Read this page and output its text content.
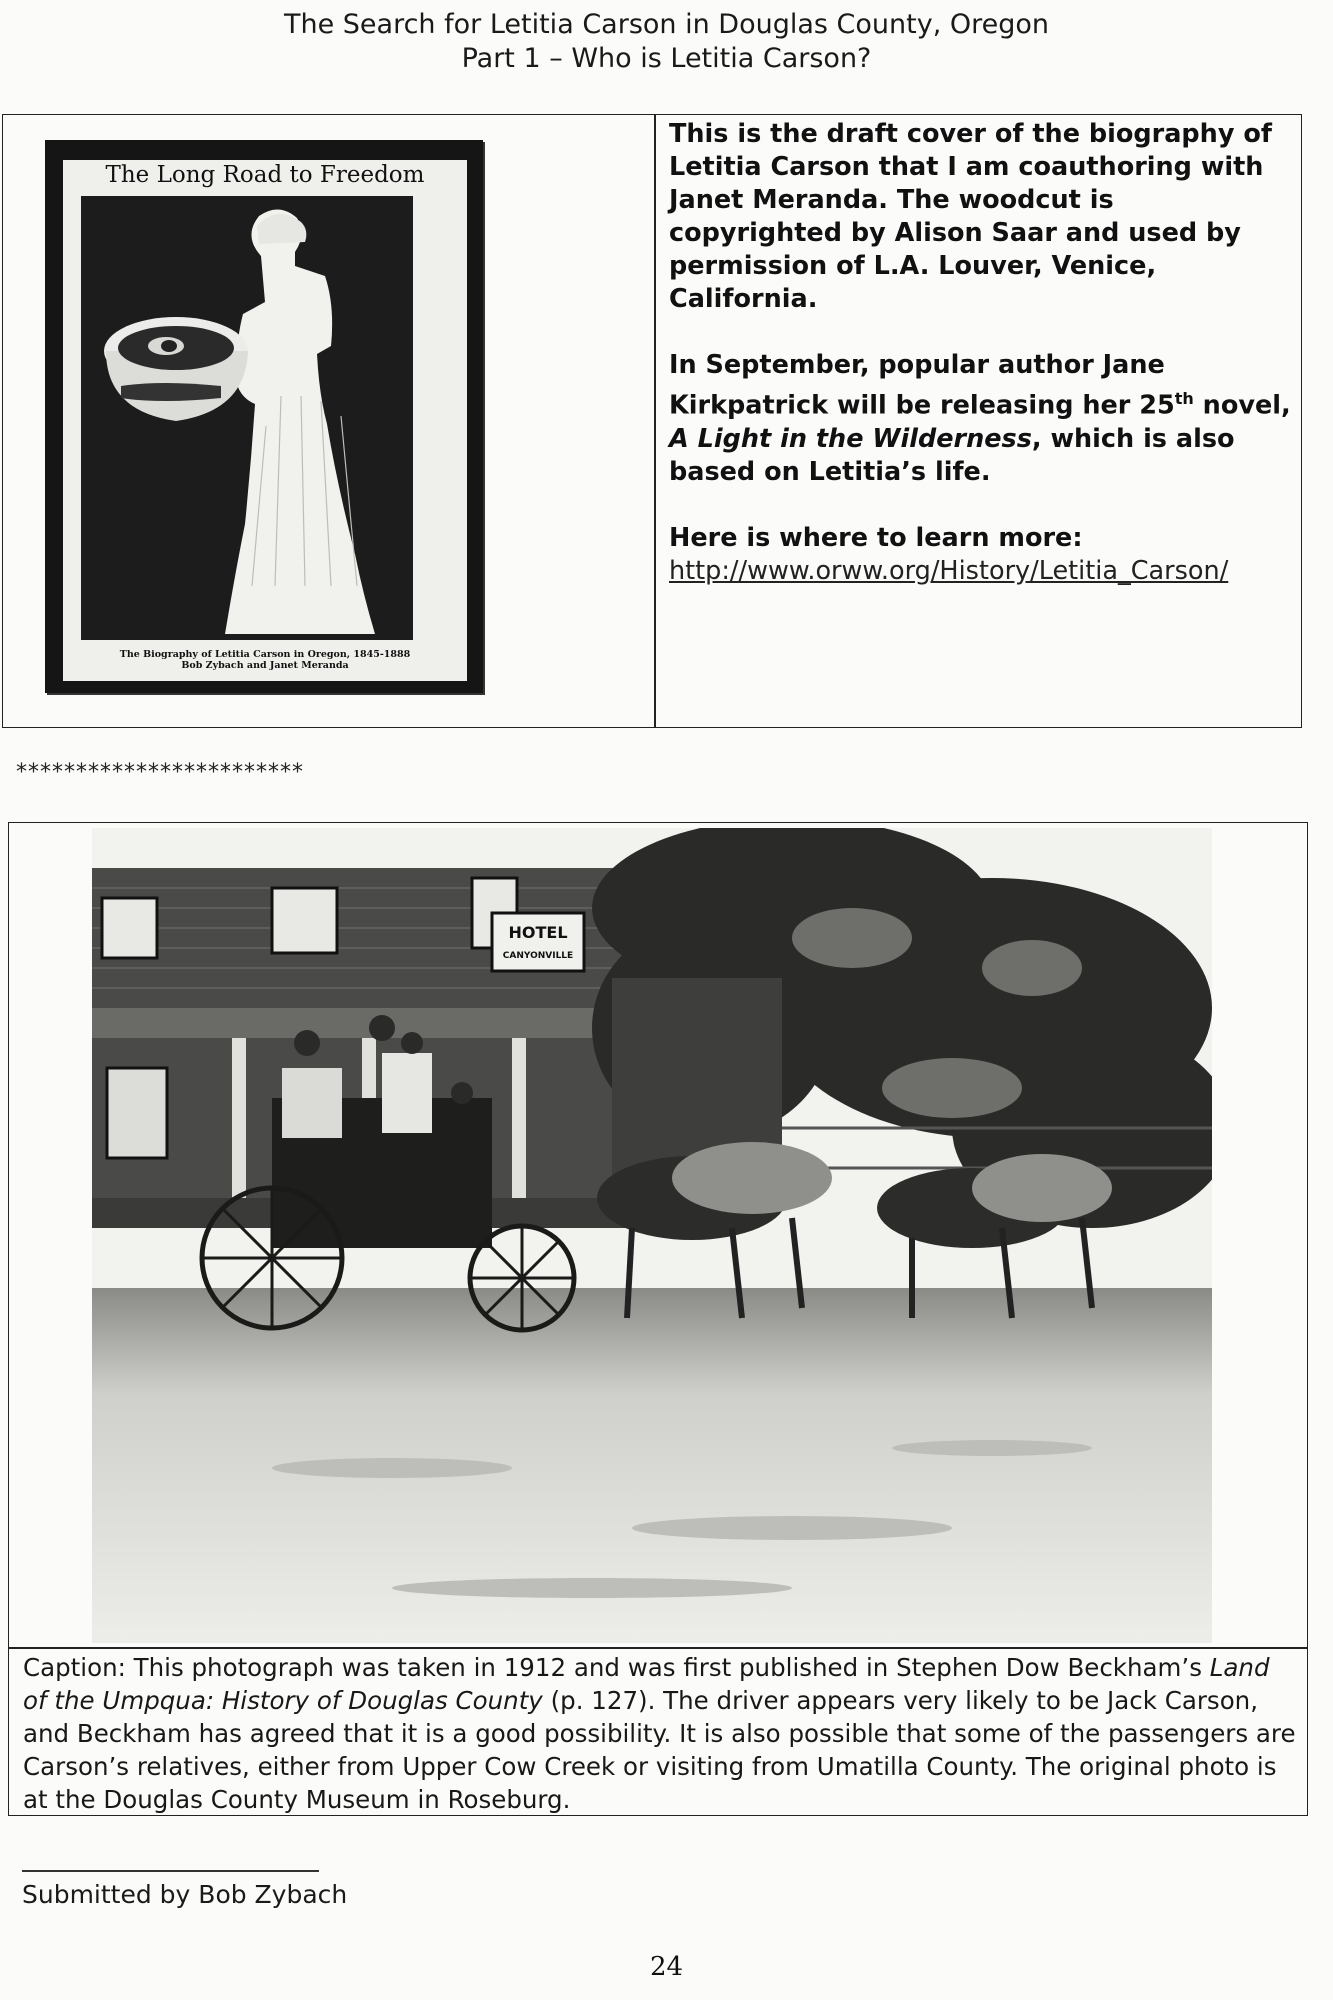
The Search for Letitia Carson in Douglas County, Oregon
Part 1 – Who is Letitia Carson?
The Long Road to Freedom
The Biography of Letitia Carson in Oregon, 1845-1888
Bob Zybach and Janet Meranda

This is the draft cover of the biography of Letitia Carson that I am coauthoring with Janet Meranda. The woodcut is copyrighted by Alison Saar and used by permission of L.A. Louver, Venice, California.

In September, popular author Jane Kirkpatrick will be releasing her 25th novel, A Light in the Wilderness, which is also based on Letitia’s life.

Here is where to learn more:
http://www.orww.org/History/Letitia_Carson/

************************
HOTEL
CANYONVILLE
Caption: This photograph was taken in 1912 and was first published in Stephen Dow Beckham’s Land of the Umpqua: History of Douglas County (p. 127). The driver appears very likely to be Jack Carson, and Beckham has agreed that it is a good possibility. It is also possible that some of the passengers are Carson’s relatives, either from Upper Cow Creek or visiting from Umatilla County. The original photo is at the Douglas County Museum in Roseburg.
Submitted by Bob Zybach
24
